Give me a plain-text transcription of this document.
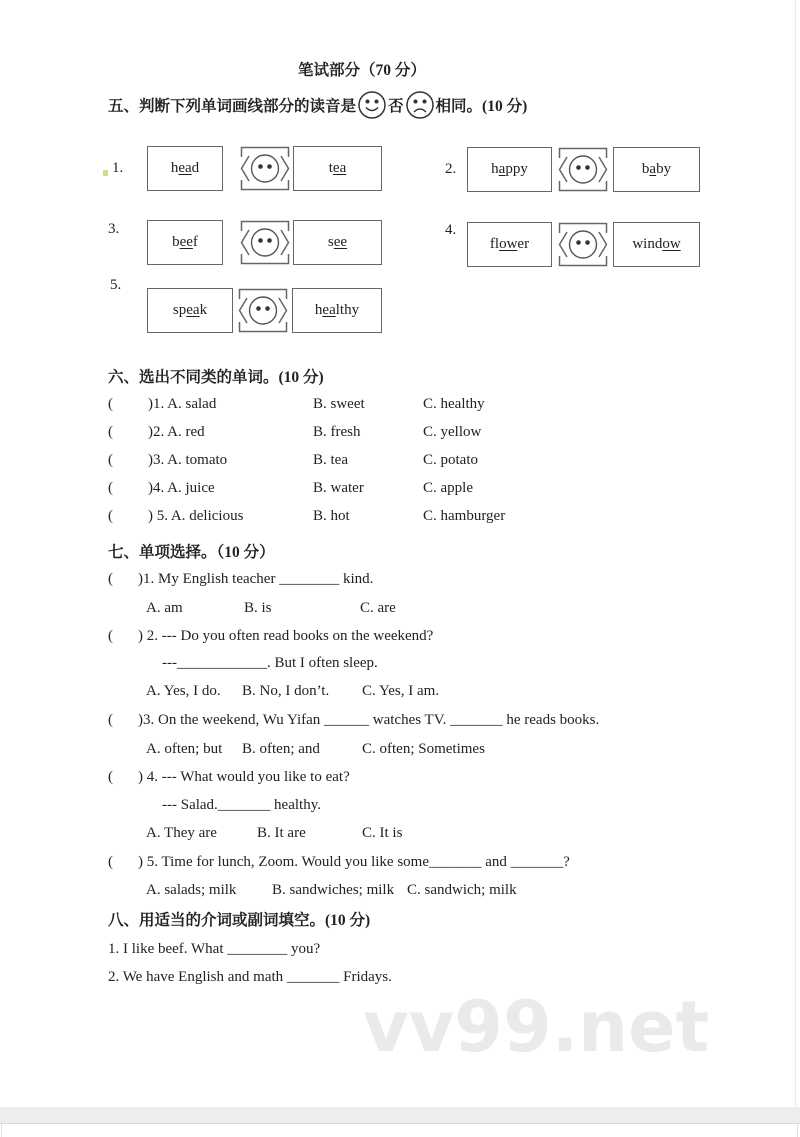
笔试部分（70 分）
五、判断下列单词画线部分的读音是 否 相同。(10 分)
1.	head	tea	2. happy	baby
3.
beef	see
4.
flower	window
5.
speak	healthy
六、选出不同类的单词。(10 分)
( )1. A. salad	B. sweet	C. healthy
( )2. A. red	B. fresh	C. yellow
( )3. A. tomato	B. tea	C. potato
( )4. A. juice	B. water	C. apple
( ) 5. A. delicious	B. hot	C. hamburger
七、单项选择。（10 分）
( )1. My English teacher ________ kind.
A. am	B. is	C. are
( ) 2. --- Do you often read books on the weekend?
---____________. But I often sleep.
A. Yes, I do.	B. No, I don’t.	C. Yes, I am.
( )3. On the weekend, Wu Yifan ______ watches TV. _______ he reads books.
A. often; but	B. often; and	C. often; Sometimes
( ) 4. --- What would you like to eat?
--- Salad._______ healthy.
A. They are	B. It are	C. It is
( ) 5. Time for lunch, Zoom. Would you like some_______ and _______?
A. salads; milk	B. sandwiches; milk C. sandwich; milk
八、用适当的介词或副词填空。(10 分)
1. I like beef. What ________ you?
2. We have English and math _______ Fridays.
vv99.net
